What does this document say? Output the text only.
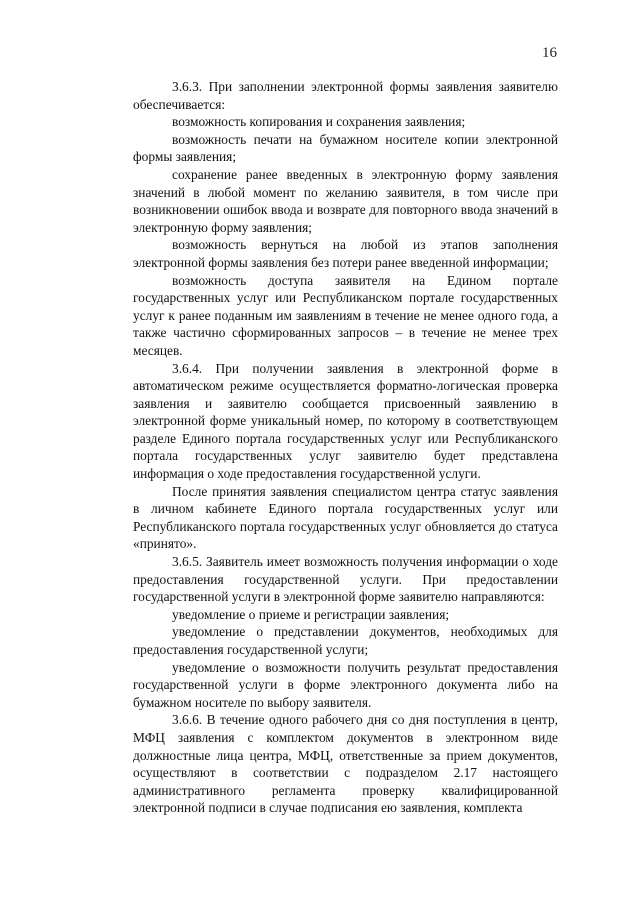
16

3.6.3. При заполнении электронной формы заявления заявителю обеспечивается:

возможность копирования и сохранения заявления;

возможность печати на бумажном носителе копии электронной формы заявления;

сохранение ранее введенных в электронную форму заявления значений в любой момент по желанию заявителя, в том числе при возникновении ошибок ввода и возврате для повторного ввода значений в электронную форму заявления;

возможность вернуться на любой из этапов заполнения электронной формы заявления без потери ранее введенной информации;

возможность доступа заявителя на Едином портале государственных услуг или Республиканском портале государственных услуг к ранее поданным им заявлениям в течение не менее одного года, а также частично сформированных запросов – в течение не менее трех месяцев.

3.6.4. При получении заявления в электронной форме в автоматическом режиме осуществляется форматно-логическая проверка заявления и заявителю сообщается присвоенный заявлению в электронной форме уникальный номер, по которому в соответствующем разделе Единого портала государственных услуг или Республиканского портала государственных услуг заявителю будет представлена информация о ходе предоставления государственной услуги.

После принятия заявления специалистом центра статус заявления в личном кабинете Единого портала государственных услуг или Республиканского портала государственных услуг обновляется до статуса «принято».

3.6.5. Заявитель имеет возможность получения информации о ходе предоставления государственной услуги. При предоставлении государственной услуги в электронной форме заявителю направляются:

уведомление о приеме и регистрации заявления;

уведомление о представлении документов, необходимых для предоставления государственной услуги;

уведомление о возможности получить результат предоставления государственной услуги в форме электронного документа либо на бумажном носителе по выбору заявителя.

3.6.6. В течение одного рабочего дня со дня поступления в центр, МФЦ заявления с комплектом документов в электронном виде должностные лица центра, МФЦ, ответственные за прием документов, осуществляют в соответствии с подразделом 2.17 настоящего административного регламента проверку квалифицированной электронной подписи в случае подписания ею заявления, комплекта
